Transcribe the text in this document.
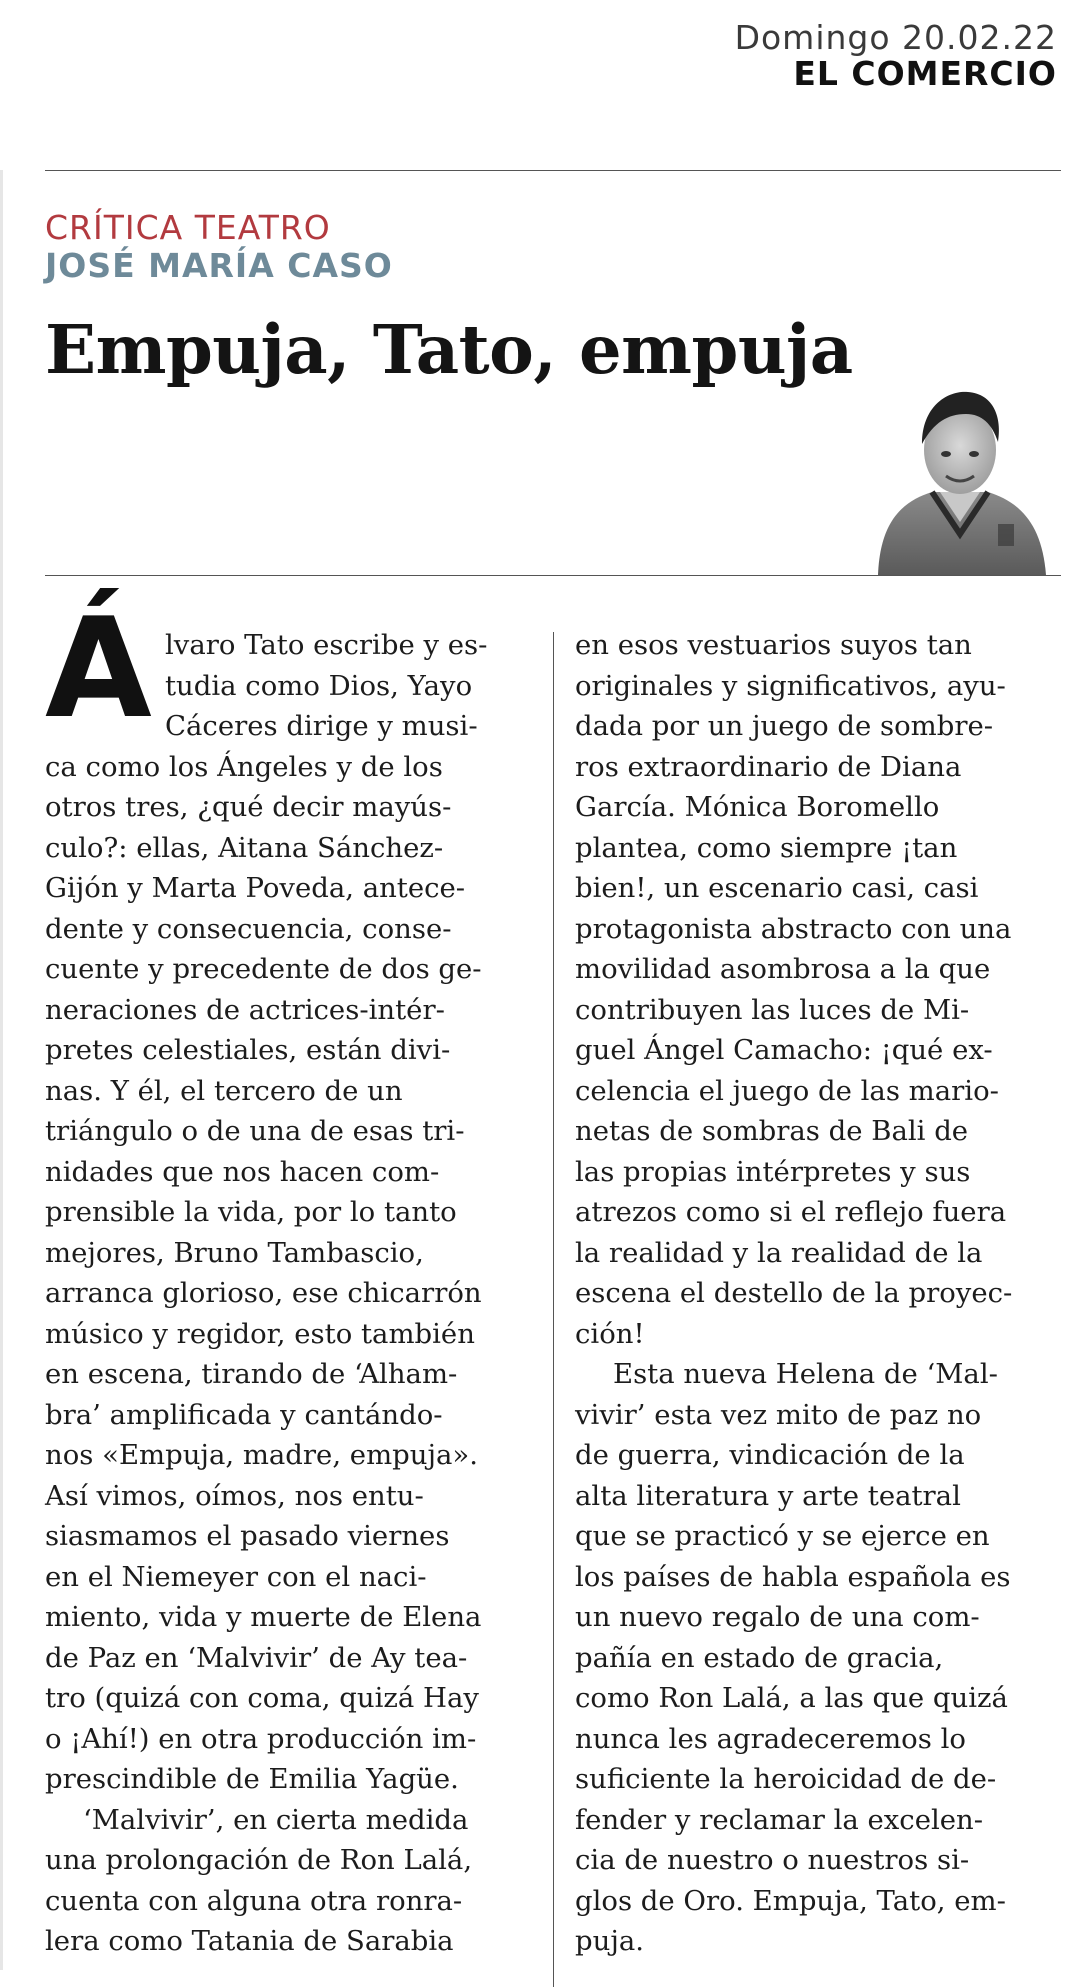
Domingo 20.02.22
EL COMERCIO
CRÍTICA TEATRO
JOSÉ MARÍA CASO
Empuja, Tato, empuja
Á lvaro Tato escribe y es-
tudia como Dios, Yayo
Cáceres dirige y musi-
ca como los Ángeles y de los
otros tres, ¿qué decir mayús-
culo?: ellas, Aitana Sánchez-
Gijón y Marta Poveda, antece-
dente y consecuencia, conse-
cuente y precedente de dos ge-
neraciones de actrices-intér-
pretes celestiales, están divi-
nas. Y él, el tercero de un
triángulo o de una de esas tri-
nidades que nos hacen com-
prensible la vida, por lo tanto
mejores, Bruno Tambascio,
arranca glorioso, ese chicarrón
músico y regidor, esto también
en escena, tirando de ‘Alham-
bra’ amplificada y cantándo-
nos «Empuja, madre, empuja».
Así vimos, oímos, nos entu-
siasmamos el pasado viernes
en el Niemeyer con el naci-
miento, vida y muerte de Elena
de Paz en ‘Malvivir’ de Ay tea-
tro (quizá con coma, quizá Hay
o ¡Ahí!) en otra producción im-
prescindible de Emilia Yagüe.
‘Malvivir’, en cierta medida
una prolongación de Ron Lalá,
cuenta con alguna otra ronra-
lera como Tatania de Sarabia
en esos vestuarios suyos tan
originales y significativos, ayu-
dada por un juego de sombre-
ros extraordinario de Diana
García. Mónica Boromello
plantea, como siempre ¡tan
bien!, un escenario casi, casi
protagonista abstracto con una
movilidad asombrosa a la que
contribuyen las luces de Mi-
guel Ángel Camacho: ¡qué ex-
celencia el juego de las mario-
netas de sombras de Bali de
las propias intérpretes y sus
atrezos como si el reflejo fuera
la realidad y la realidad de la
escena el destello de la proyec-
ción!
Esta nueva Helena de ‘Mal-
vivir’ esta vez mito de paz no
de guerra, vindicación de la
alta literatura y arte teatral
que se practicó y se ejerce en
los países de habla española es
un nuevo regalo de una com-
pañía en estado de gracia,
como Ron Lalá, a las que quizá
nunca les agradeceremos lo
suficiente la heroicidad de de-
fender y reclamar la excelen-
cia de nuestro o nuestros si-
glos de Oro. Empuja, Tato, em-
puja.
